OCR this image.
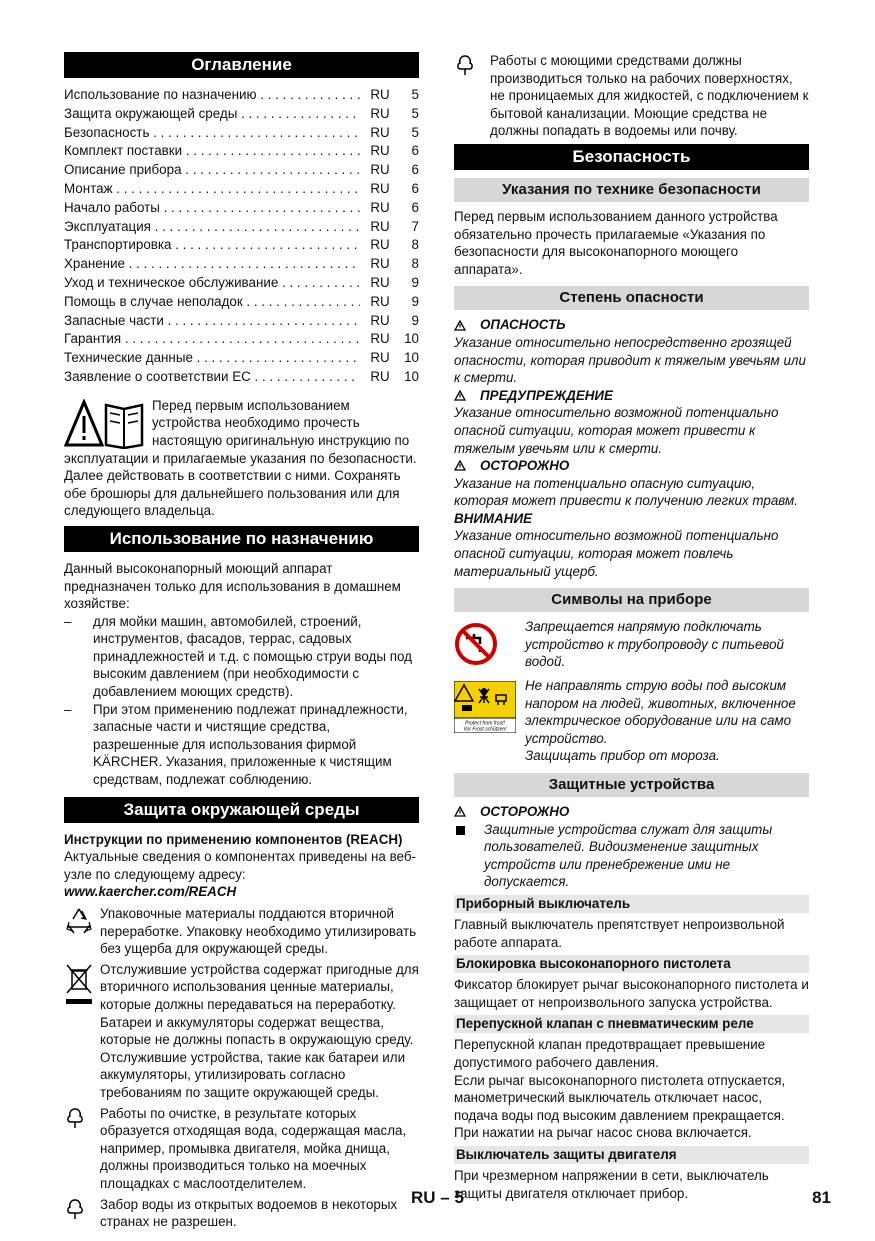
Оглавление
Использование по назначению . . .	RU	5
Защита окружающей среды . . .	RU	5
Безопасность . . .	RU	5
Комплект поставки . . .	RU	6
Описание прибора . . .	RU	6
Монтаж . . .	RU	6
Начало работы . . .	RU	6
Эксплуатация . . .	RU	7
Транспортировка . . .	RU	8
Хранение . . .	RU	8
Уход и техническое обслуживание . . .	RU	9
Помощь в случае неполадок . . .	RU	9
Запасные части . . .	RU	9
Гарантия . . .	RU	10
Технические данные . . .	RU	10
Заявление о соответствии ЕС . . .	RU	10

Перед первым использованием устройства необходимо прочесть настоящую оригинальную инструкцию по эксплуатации и прилагаемые указания по безопасности. Далее действовать в соответствии с ними. Сохранять обе брошюры для дальнейшего пользования или для следующего владельца.

Использование по назначению

Данный высоконапорный моющий аппарат предназначен только для использования в домашнем хозяйстве:

– для мойки машин, автомобилей, строений, инструментов, фасадов, террас, садовых принадлежностей и т.д. с помощью струи воды под высоким давлением (при необходимости с добавлением моющих средств).
– При этом применению подлежат принадлежности, запасные части и чистящие средства, разрешенные для использования фирмой KÄRCHER. Указания, приложенные к чистящим средствам, подлежат соблюдению.
Защита окружающей среды

Инструкции по применению компонентов (REACH)

Актуальные сведения о компонентах приведены на веб-узле по следующему адресу:

www.kaercher.com/REACH

Упаковочные материалы поддаются вторичной переработке. Упаковку необходимо утилизировать без ущерба для окружающей среды.
Отслужившие устройства содержат пригодные для вторичного использования ценные материалы, которые должны передаваться на переработку. Батареи и аккумуляторы содержат вещества, которые не должны попасть в окружающую среду. Отслужившие устройства, такие как батареи или аккумуляторы, утилизировать согласно требованиям по защите окружающей среды.
Работы по очистке, в результате которых образуется отходящая вода, содержащая масла, например, промывка двигателя, мойка днища, должны производиться только на моечных площадках с маслоотделителем.
Забор воды из открытых водоемов в некоторых странах не разрешен.
Работы с моющими средствами должны производиться только на рабочих поверхностях, не проницаемых для жидкостей, с подключением к бытовой канализации. Моющие средства не должны попадать в водоемы или почву.
Безопасность
Указания по технике безопасности

Перед первым использованием данного устройства обязательно прочесть прилагаемые «Указания по безопасности для высоконапорного моющего аппарата».

Степень опасности
ОПАСНОСТЬ

Указание относительно непосредственно грозящей опасности, которая приводит к тяжелым увечьям или к смерти.

ПРЕДУПРЕЖДЕНИЕ

Указание относительно возможной потенциально опасной ситуации, которая может привести к тяжелым увечьям или к смерти.

ОСТОРОЖНО

Указание на потенциально опасную ситуацию, которая может привести к получению легких травм.

ВНИМАНИЕ

Указание относительно возможной потенциально опасной ситуации, которая может повлечь материальный ущерб.

Символы на приборе
Запрещается напрямую подключать устройство к трубопроводу с питьевой водой.
Protect from frost!
Vor Frost schützen!
Не направлять струю воды под высоким напором на людей, животных, включенное электрическое оборудование или на само устройство.
Защищать прибор от мороза.
Защитные устройства
ОСТОРОЖНО
Защитные устройства служат для защиты пользователей. Видоизменение защитных устройств или пренебрежение ими не допускается.
Приборный выключатель

Главный выключатель препятствует непроизвольной работе аппарата.

Блокировка высоконапорного пистолета

Фиксатор блокирует рычаг высоконапорного пистолета и защищает от непроизвольного запуска устройства.

Перепускной клапан с пневматическим реле

Перепускной клапан предотвращает превышение допустимого рабочего давления.

Если рычаг высоконапорного пистолета отпускается, манометрический выключатель отключает насос, подача воды под высоким давлением прекращается. При нажатии на рычаг насос снова включается.

Выключатель защиты двигателя

При чрезмерном напряжении в сети, выключатель защиты двигателя отключает прибор.

RU – 5	81
